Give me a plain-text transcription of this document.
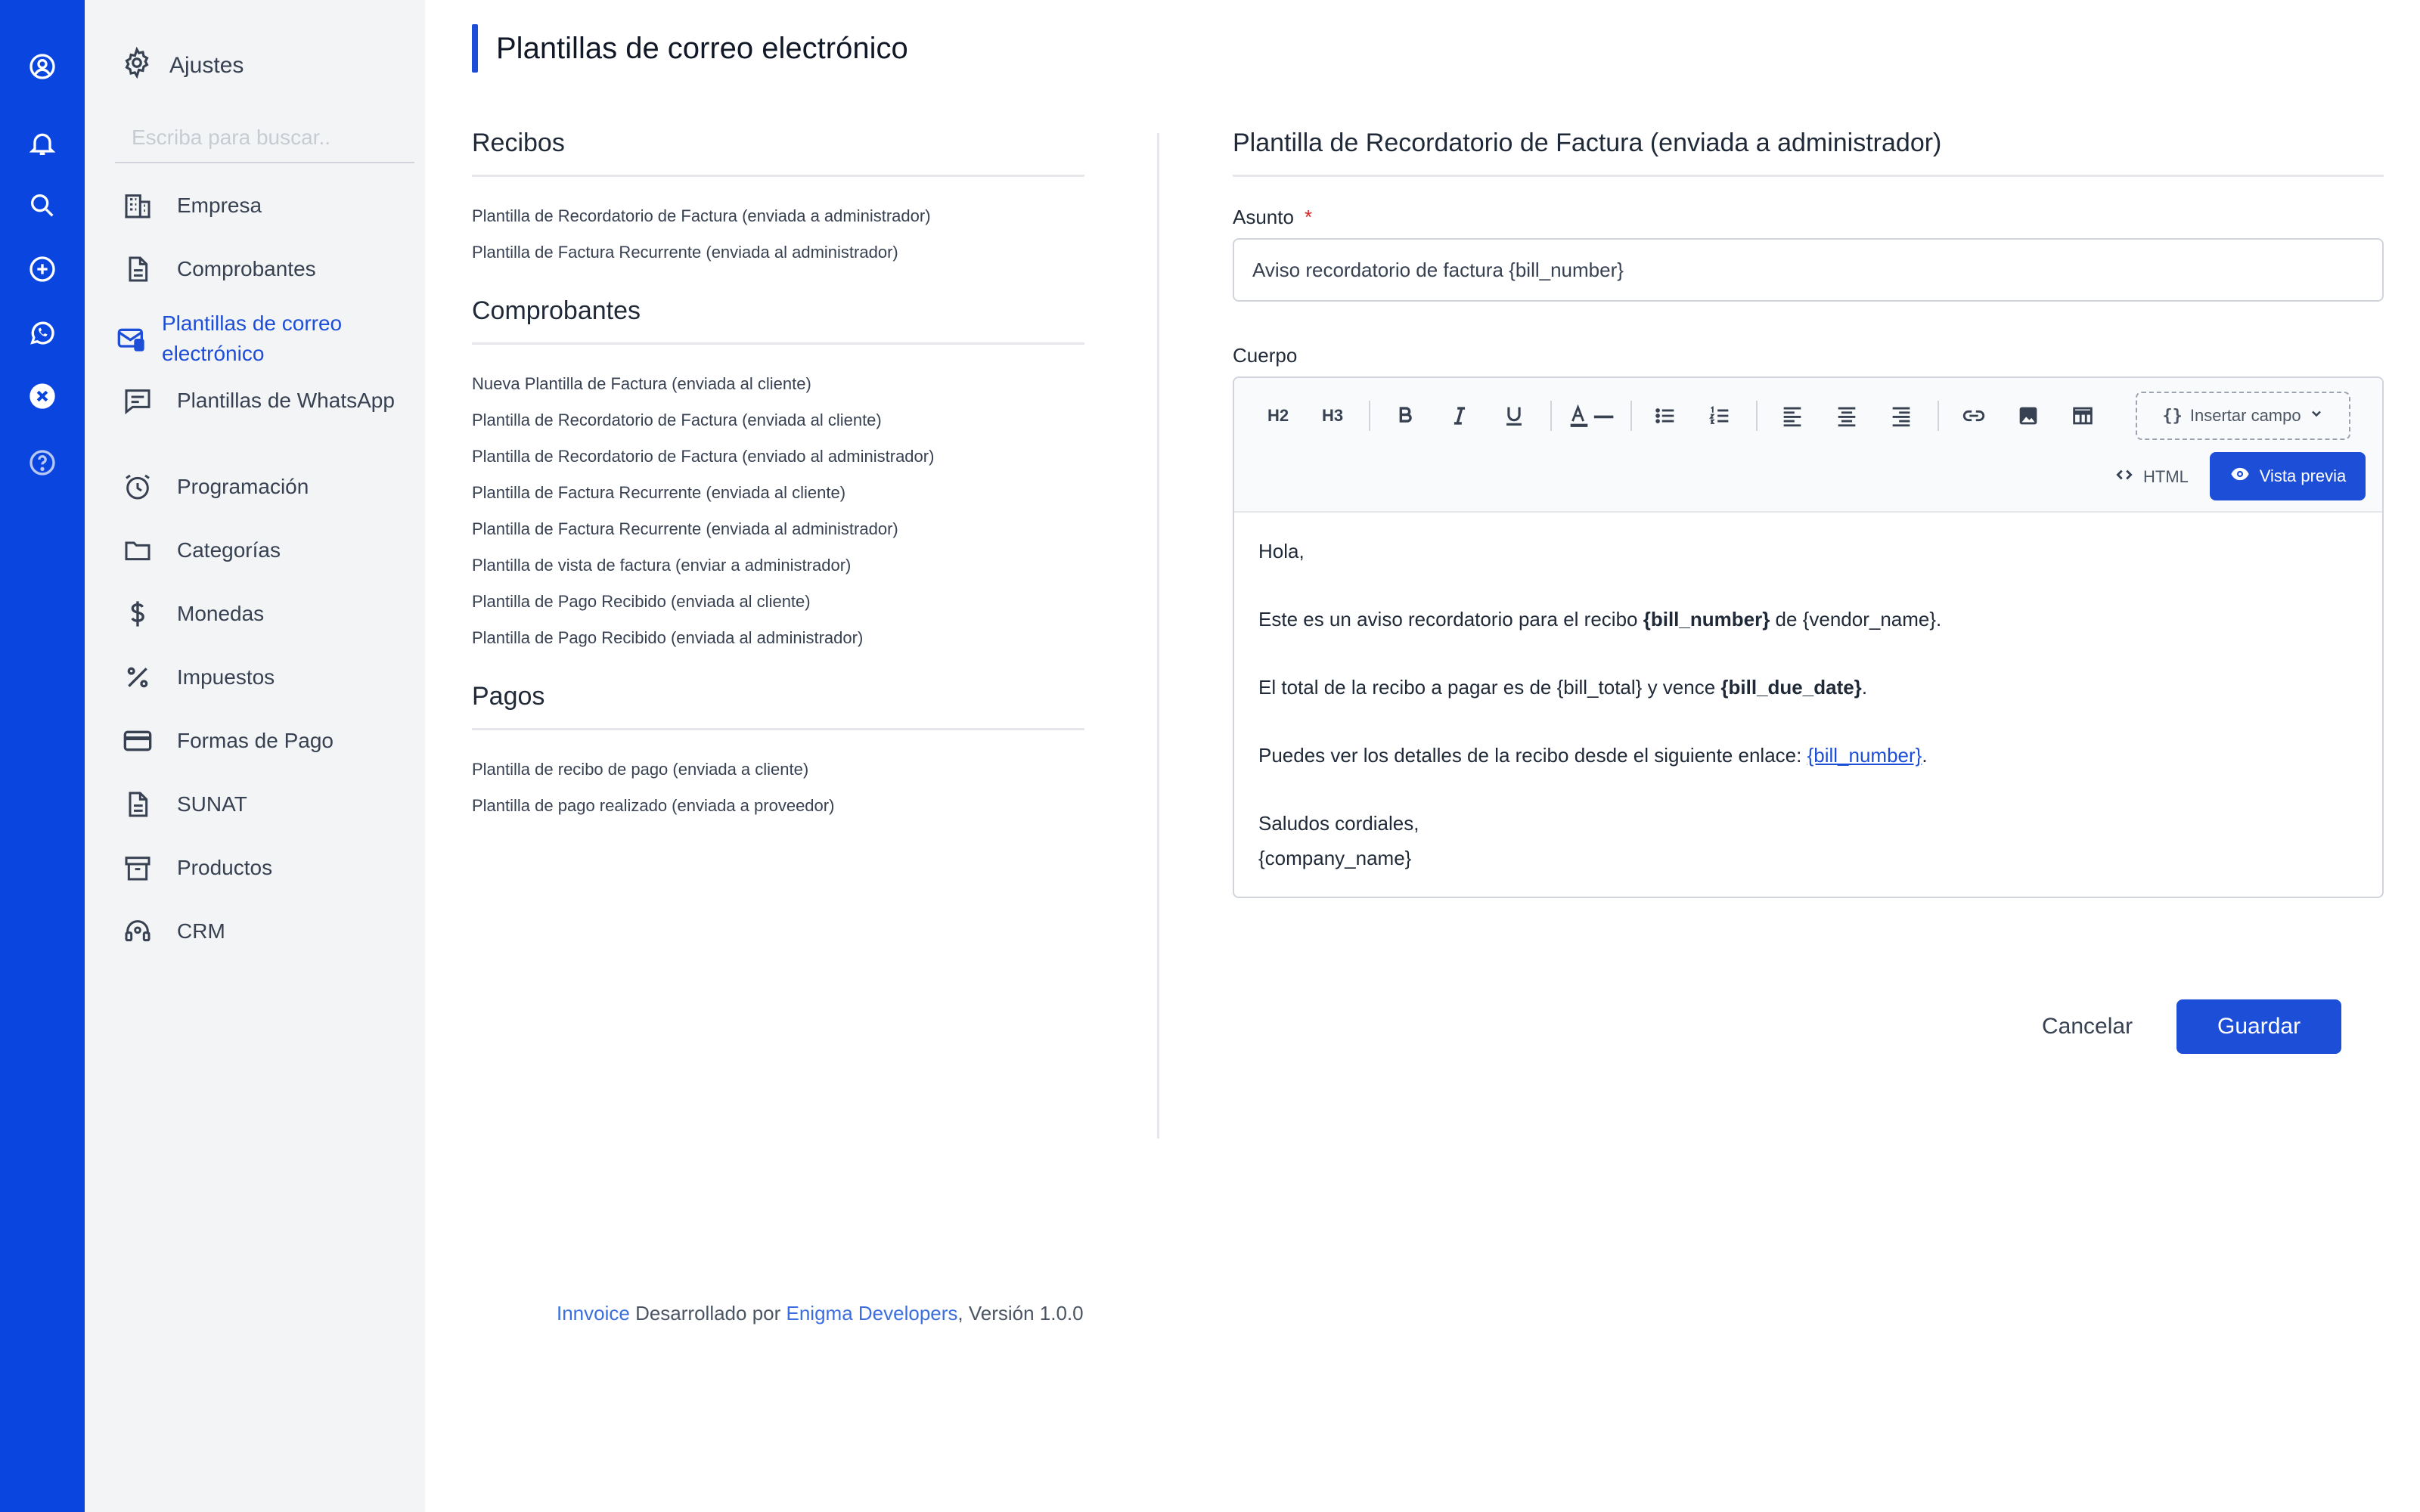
Ajustes
Escriba para buscar..
Empresa
Comprobantes
Plantillas de correo electrónico
Plantillas de WhatsApp
Programación
Categorías
Monedas
Impuestos
Formas de Pago
SUNAT
Productos
CRM
Plantillas de correo electrónico
Recibos
Plantilla de Recordatorio de Factura (enviada a administrador)
Plantilla de Factura Recurrente (enviada al administrador)
Comprobantes
Nueva Plantilla de Factura (enviada al cliente)
Plantilla de Recordatorio de Factura (enviada al cliente)
Plantilla de Recordatorio de Factura (enviado al administrador)
Plantilla de Factura Recurrente (enviada al cliente)
Plantilla de Factura Recurrente (enviada al administrador)
Plantilla de vista de factura (enviar a administrador)
Plantilla de Pago Recibido (enviada al cliente)
Plantilla de Pago Recibido (enviada al administrador)
Pagos
Plantilla de recibo de pago (enviada a cliente)
Plantilla de pago realizado (enviada a proveedor)
Plantilla de Recordatorio de Factura (enviada a administrador)
Asunto *
Aviso recordatorio de factura {bill_number}
Cuerpo
H2	H3	{} Insertar campo
HTML	Vista previa

Hola,

Este es un aviso recordatorio para el recibo {bill_number} de {vendor_name}.

El total de la recibo a pagar es de {bill_total} y vence {bill_due_date}.

Puedes ver los detalles de la recibo desde el siguiente enlace: {bill_number}.

Saludos cordiales,
{company_name}

Cancelar	Guardar
Innvoice Desarrollado por Enigma Developers, Versión 1.0.0
